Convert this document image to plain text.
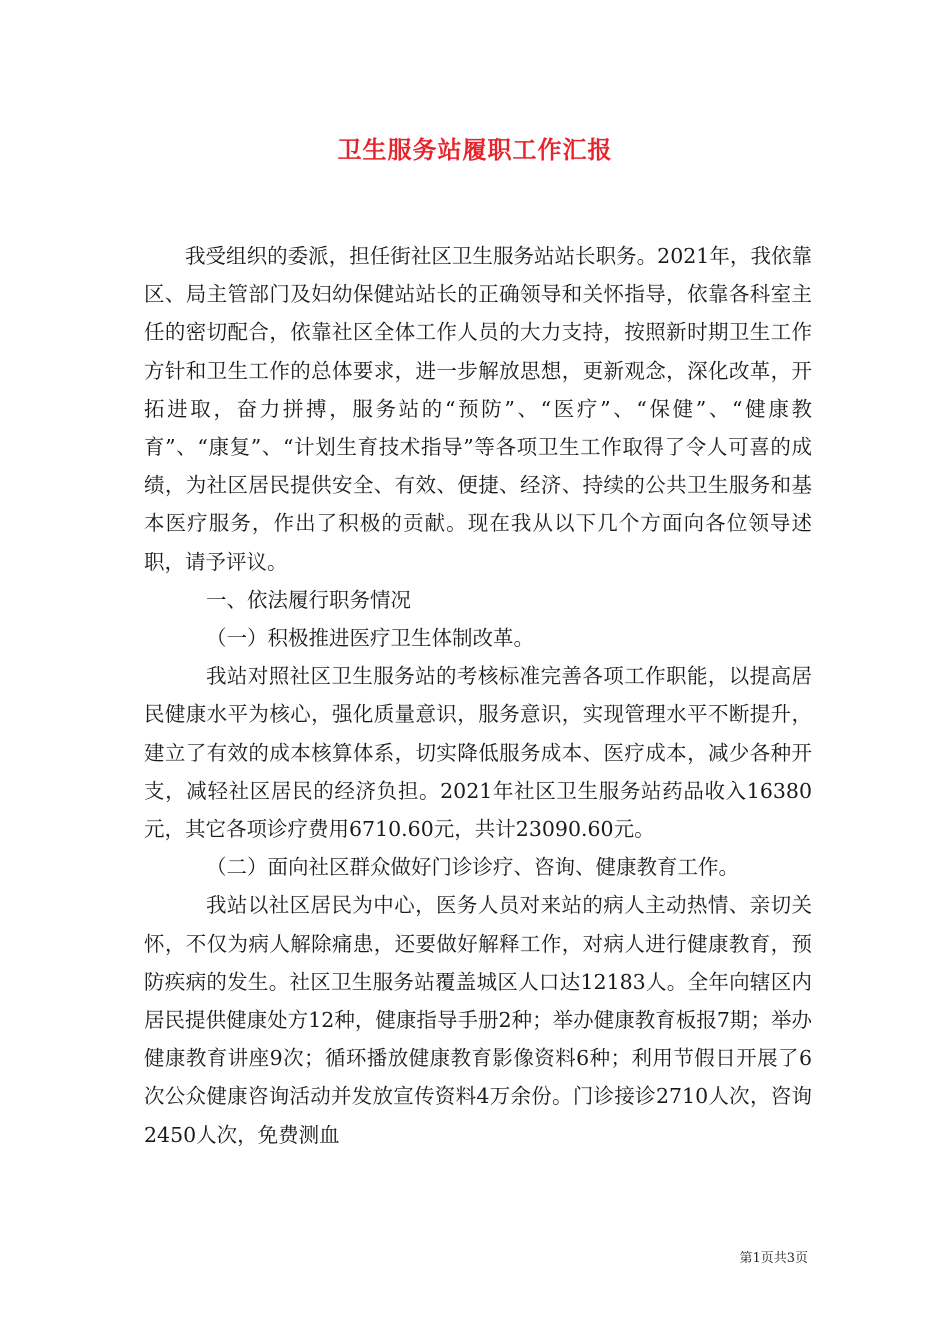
卫生服务站履职工作汇报

我受组织的委派，担任街社区卫生服务站站长职务。2021年，我依靠区、局主管部门及妇幼保健站站长的正确领导和关怀指导，依靠各科室主任的密切配合，依靠社区全体工作人员的大力支持，按照新时期卫生工作方针和卫生工作的总体要求，进一步解放思想，更新观念，深化改革，开拓进取，奋力拼搏，服务站的“预防”、“医疗”、“保健”、“健康教育”、“康复”、“计划生育技术指导”等各项卫生工作取得了令人可喜的成绩，为社区居民提供安全、有效、便捷、经济、持续的公共卫生服务和基本医疗服务，作出了积极的贡献。现在我从以下几个方面向各位领导述职，请予评议。

一、依法履行职务情况

（一）积极推进医疗卫生体制改革。

我站对照社区卫生服务站的考核标准完善各项工作职能，以提高居民健康水平为核心，强化质量意识，服务意识，实现管理水平不断提升，建立了有效的成本核算体系，切实降低服务成本、医疗成本，减少各种开支，减轻社区居民的经济负担。2021年社区卫生服务站药品收入16380元，其它各项诊疗费用6710.60元，共计23090.60元。

（二）面向社区群众做好门诊诊疗、咨询、健康教育工作。

我站以社区居民为中心，医务人员对来站的病人主动热情、亲切关怀，不仅为病人解除痛患，还要做好解释工作，对病人进行健康教育，预防疾病的发生。社区卫生服务站覆盖城区人口达12183人。全年向辖区内居民提供健康处方12种，健康指导手册2种；举办健康教育板报7期；举办健康教育讲座9次；循环播放健康教育影像资料6种；利用节假日开展了6次公众健康咨询活动并发放宣传资料4万余份。门诊接诊2710人次，咨询2450人次，免费测血

第1页共3页
